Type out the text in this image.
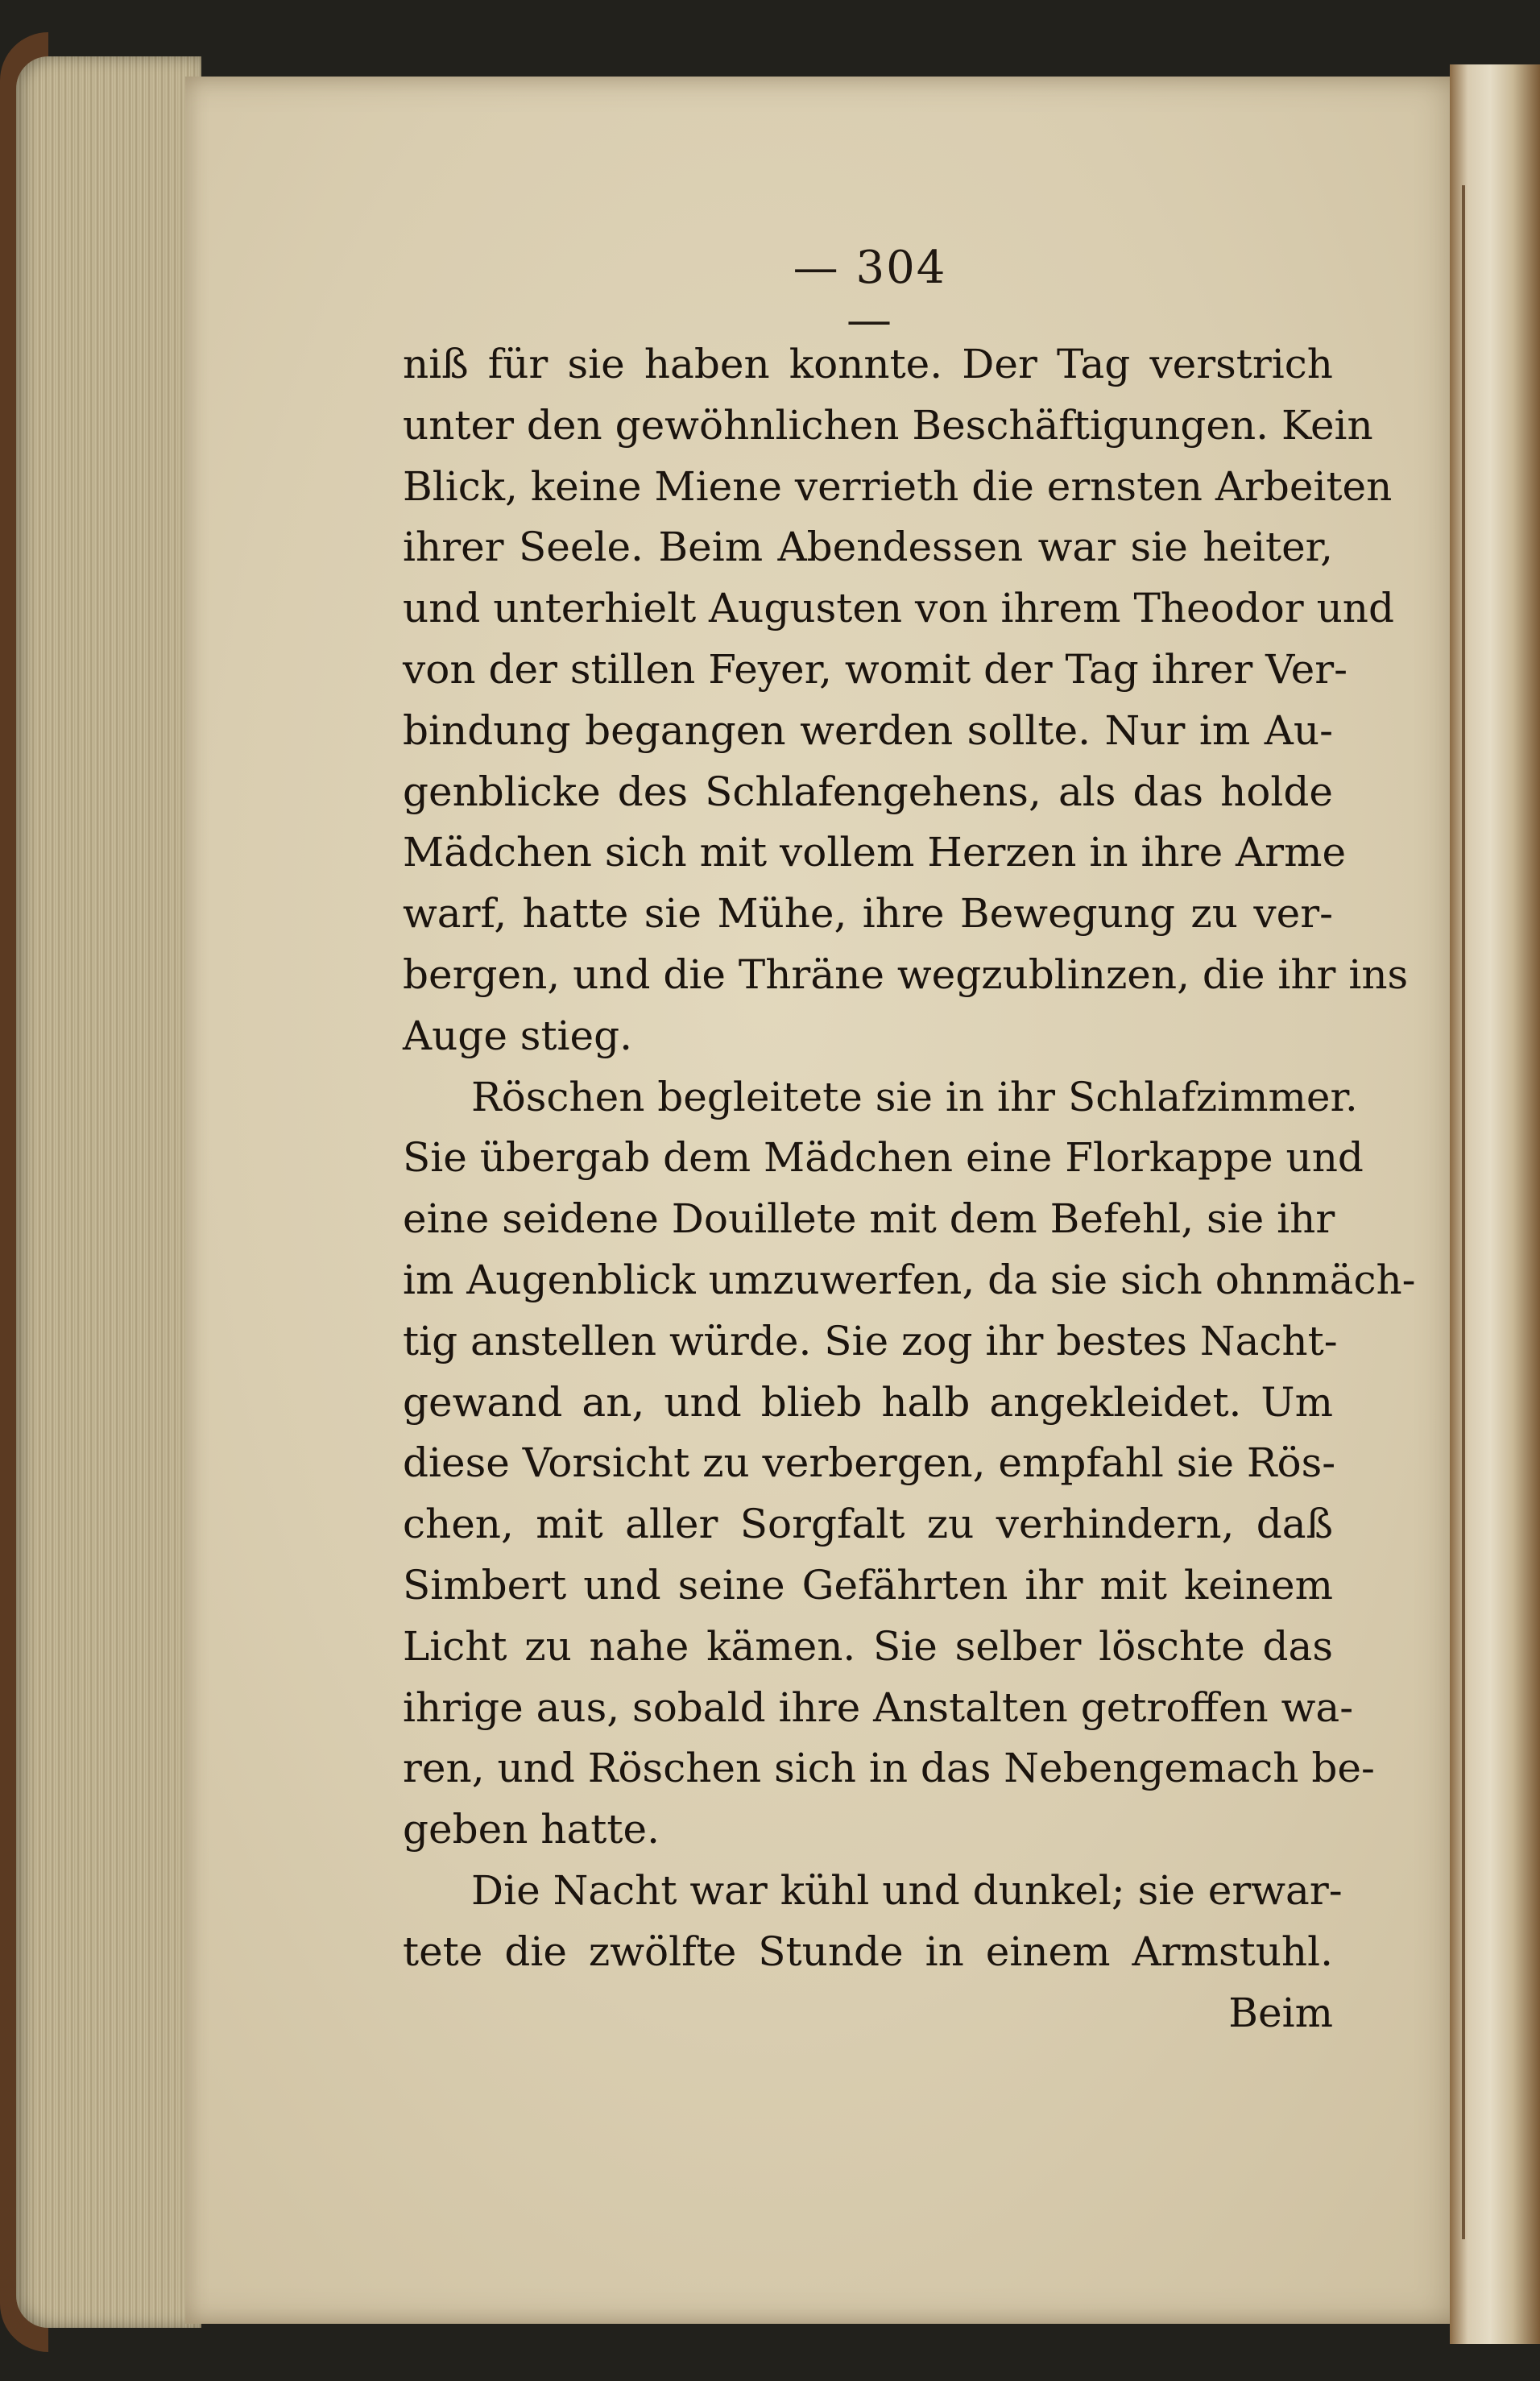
— 304 —
niß für sie haben konnte. Der Tag verstrich
unter den gewöhnlichen Beschäftigungen. Kein
Blick, keine Miene verrieth die ernsten Arbeiten
ihrer Seele. Beim Abendessen war sie heiter,
und unterhielt Augusten von ihrem Theodor und
von der stillen Feyer, womit der Tag ihrer Ver-
bindung begangen werden sollte. Nur im Au-
genblicke des Schlafengehens, als das holde
Mädchen sich mit vollem Herzen in ihre Arme
warf, hatte sie Mühe, ihre Bewegung zu ver-
bergen, und die Thräne wegzublinzen, die ihr ins
Auge stieg.
Röschen begleitete sie in ihr Schlafzimmer.
Sie übergab dem Mädchen eine Florkappe und
eine seidene Douillete mit dem Befehl, sie ihr
im Augenblick umzuwerfen, da sie sich ohnmäch-
tig anstellen würde. Sie zog ihr bestes Nacht-
gewand an, und blieb halb angekleidet. Um
diese Vorsicht zu verbergen, empfahl sie Rös-
chen, mit aller Sorgfalt zu verhindern, daß
Simbert und seine Gefährten ihr mit keinem
Licht zu nahe kämen. Sie selber löschte das
ihrige aus, sobald ihre Anstalten getroffen wa-
ren, und Röschen sich in das Nebengemach be-
geben hatte.
Die Nacht war kühl und dunkel; sie erwar-
tete die zwölfte Stunde in einem Armstuhl.
Beim
